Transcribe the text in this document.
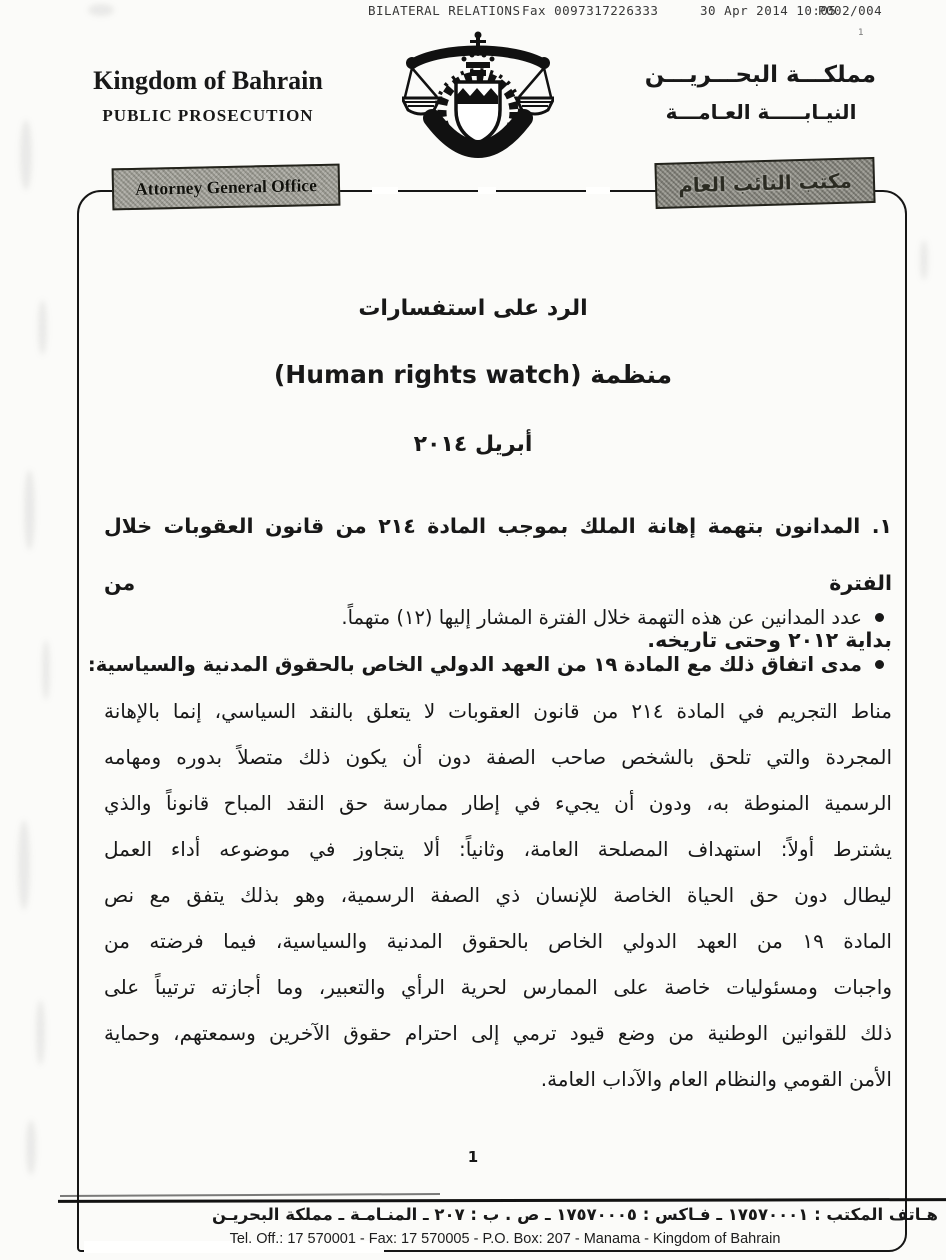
BILATERAL RELATIONS Fax 0097317226333	30 Apr 2014 10:05
P002/004
1
Kingdom of Bahrain
PUBLIC PROSECUTION
مملكـــة البحـــريـــن
النيـابـــــة العـامـــة
Attorney General Office	مكتب النائب العام
الرد على استفسارات
منظمة (Human rights watch)
أبريل ٢٠١٤
١. المدانون بتهمة إهانة الملك بموجب المادة ٢١٤ من قانون العقوبات خلال الفترة من
بداية ٢٠١٢ وحتى تاريخه.
عدد المدانين عن هذه التهمة خلال الفترة المشار إليها (١٢) متهماً.
مدى اتفاق ذلك مع المادة ١٩ من العهد الدولي الخاص بالحقوق المدنية والسياسية:
مناط التجريم في المادة ٢١٤ من قانون العقوبات لا يتعلق بالنقد السياسي، إنما بالإهانة
المجردة والتي تلحق بالشخص صاحب الصفة دون أن يكون ذلك متصلاً بدوره ومهامه
الرسمية المنوطة به، ودون أن يجيء في إطار ممارسة حق النقد المباح قانوناً والذي
يشترط أولاً: استهداف المصلحة العامة، وثانياً: ألا يتجاوز في موضوعه أداء العمل
ليطال دون حق الحياة الخاصة للإنسان ذي الصفة الرسمية، وهو بذلك يتفق مع نص
المادة ١٩ من العهد الدولي الخاص بالحقوق المدنية والسياسية، فيما فرضته من
واجبات ومسئوليات خاصة على الممارس لحرية الرأي والتعبير، وما أجازته ترتيباً على
ذلك للقوانين الوطنية من وضع قيود ترمي إلى احترام حقوق الآخرين وسمعتهم، وحماية
الأمن القومي والنظام العام والآداب العامة.
1
هـاتف المكتب : ١٧٥٧٠٠٠١ ـ فـاكس : ١٧٥٧٠٠٠٥ ـ ص . ب : ٢٠٧ ـ المنـامـة ـ مملكة البحريـن
Tel. Off.: 17 570001 - Fax: 17 570005 - P.O. Box: 207 - Manama - Kingdom of Bahrain
